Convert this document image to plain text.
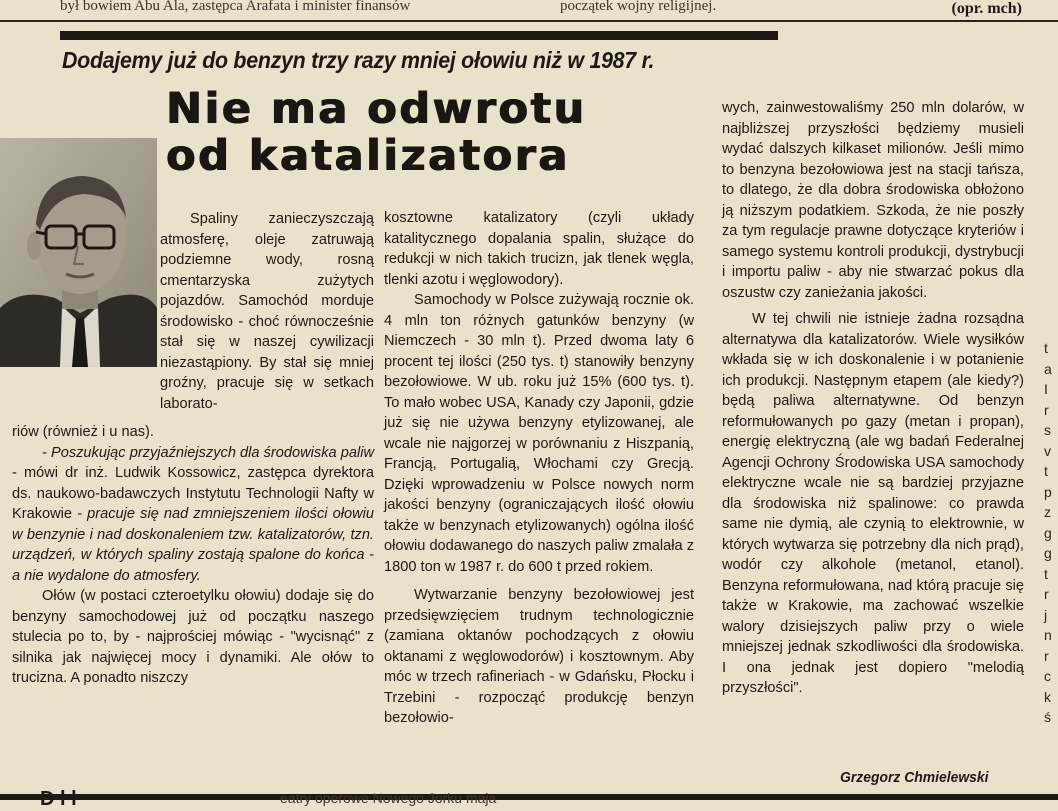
był bowiem Abu Ala, zastępca Arafata i minister finansów	początek wojny religijnej.	(opr. mch)
Dodajemy już do benzyn trzy razy mniej ołowiu niż w 1987 r.
Nie ma odwrotu
od katalizatora

Spaliny zanieczyszczają atmosferę, oleje zatruwają podziemne wody, rosną cmentarzyska zużytych pojazdów. Samochód morduje środowisko - choć równocześnie stał się w naszej cywilizacji niezastąpiony. By stał się mniej groźny, pracuje się w setkach laborato-

riów (również i u nas).

- Poszukując przyjaźniejszych dla środowiska paliw - mówi dr inż. Ludwik Kossowicz, zastępca dyrektora ds. naukowo-badawczych Instytutu Technologii Nafty w Krakowie - pracuje się nad zmniejszeniem ilości ołowiu w benzynie i nad doskonaleniem tzw. katalizatorów, tzn. urządzeń, w których spaliny zostają spalone do końca - a nie wydalone do atmosfery.

Ołów (w postaci czteroetylku ołowiu) dodaje się do benzyny samochodowej już od początku naszego stulecia po to, by - najprościej mówiąc - "wycisnąć" z silnika jak najwięcej mocy i dynamiki. Ale ołów to trucizna. A ponadto niszczy

kosztowne katalizatory (czyli układy katalitycznego dopalania spalin, służące do redukcji w nich takich trucizn, jak tlenek węgla, tlenki azotu i węglowodory).

Samochody w Polsce zużywają rocznie ok. 4 mln ton różnych gatunków benzyny (w Niemczech - 30 mln t). Przed dwoma laty 6 procent tej ilości (250 tys. t) stanowiły benzyny bezołowiowe. W ub. roku już 15% (600 tys. t). To mało wobec USA, Kanady czy Japonii, gdzie już się nie używa benzyny etylizowanej, ale wcale nie najgorzej w porównaniu z Hiszpanią, Francją, Portugalią, Włochami czy Grecją. Dzięki wprowadzeniu w Polsce nowych norm jakości benzyny (ograniczających ilość ołowiu także w benzynach etylizowanych) ogólna ilość ołowiu dodawanego do naszych paliw zmalała z 1800 ton w 1987 r. do 600 t przed rokiem.

Wytwarzanie benzyny bezołowiowej jest przedsięwzięciem trudnym technologicznie (zamiana oktanów pochodzących z ołowiu oktanami z węglowodorów) i kosztownym. Aby móc w trzech rafineriach - w Gdańsku, Płocku i Trzebini - rozpocząć produkcję benzyn bezołowio-

wych, zainwestowaliśmy 250 mln dolarów, w najbliższej przyszłości będziemy musieli wydać dalszych kilkaset milionów. Jeśli mimo to benzyna bezołowiowa jest na stacji tańsza, to dlatego, że dla dobra środowiska obłożono ją niższym podatkiem. Szkoda, że nie poszły za tym regulacje prawne dotyczące kryteriów i samego systemu kontroli produkcji, dystrybucji i importu paliw - aby nie stwarzać pokus dla oszustw czy zanieżania jakości.

W tej chwili nie istnieje żadna rozsądna alternatywa dla katalizatorów. Wiele wysiłków wkłada się w ich doskonalenie i w potanienie ich produkcji. Następnym etapem (ale kiedy?) będą paliwa alternatywne. Od benzyn reformułowanych po gazy (metan i propan), energię elektryczną (ale wg badań Federalnej Agencji Ochrony Środowiska USA samochody elektryczne wcale nie są bardziej przyjazne dla środowiska niż spalinowe: co prawda same nie dymią, ale czynią to elektrownie, w których wytwarza się potrzebny dla nich prąd), wodór czy alkohole (metanol, etanol). Benzyna reformułowana, nad którą pracuje się także w Krakowie, ma zachować wszelkie walory dzisiejszych paliw przy o wiele mniejszej jednak szkodliwości dla środowiska. I ona jednak jest dopiero "melodią przyszłości".

Grzegorz Chmielewski
t
a
I
r
s
v
t
p
z
g
g
t
r
j
n
r
c
k
ś
D l l	eatry operowe Nowego Jorku maja
